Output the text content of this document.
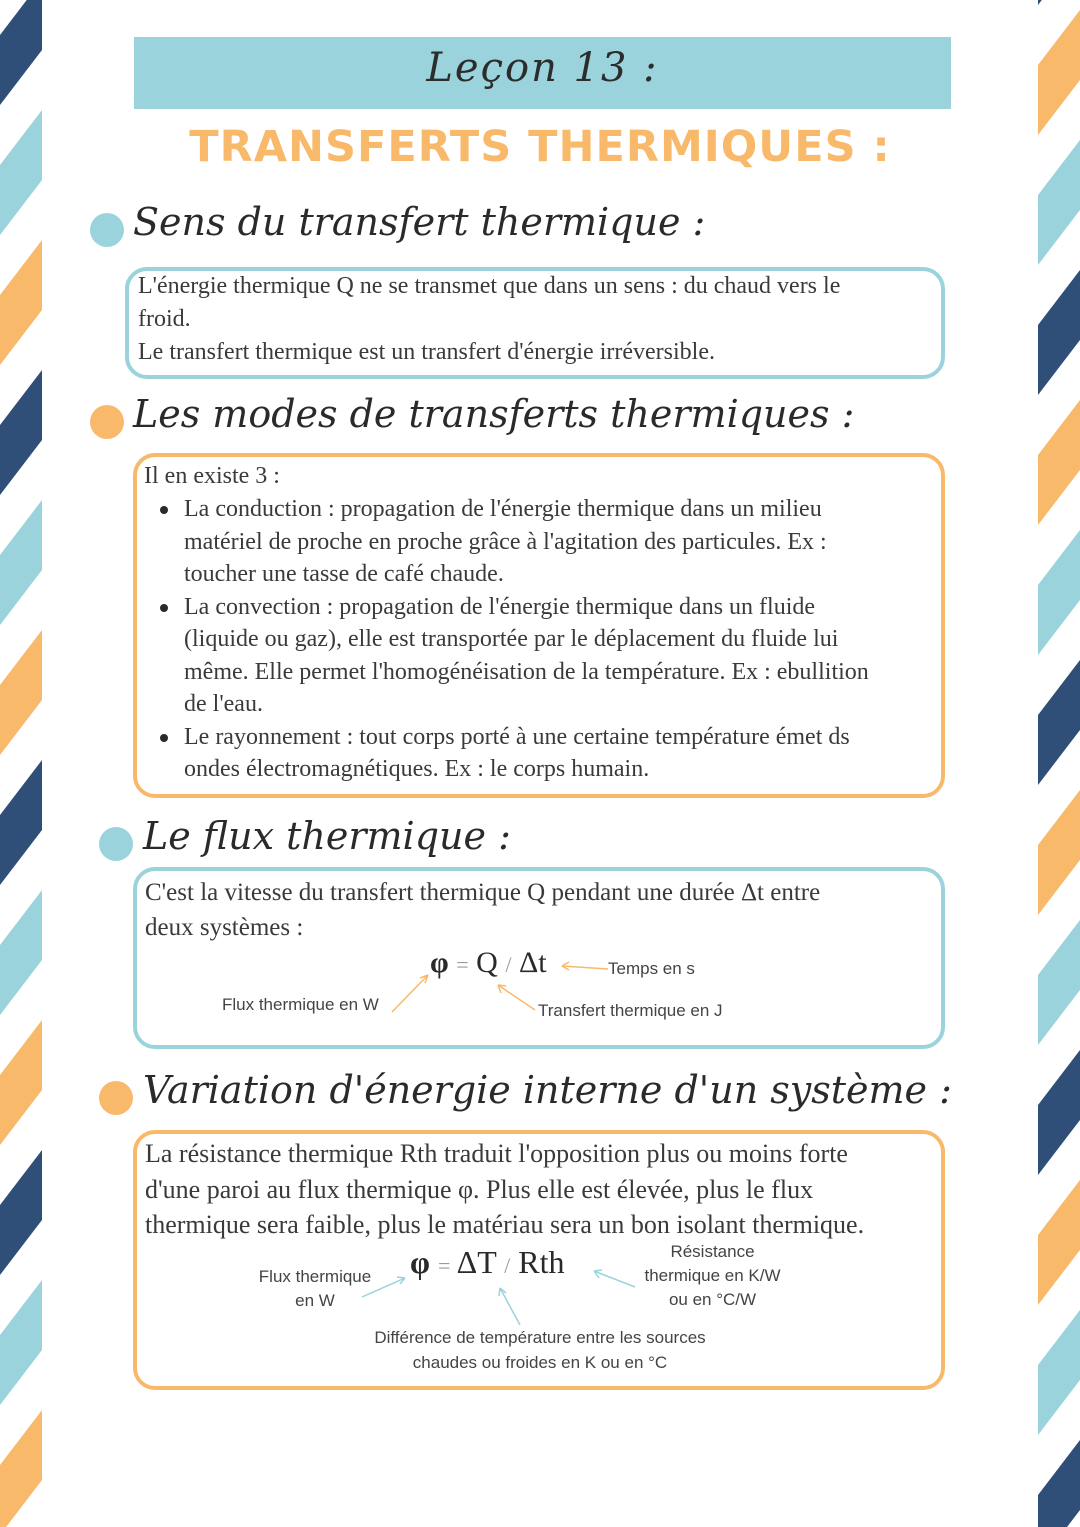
Leçon 13 :
TRANSFERTS THERMIQUES :
Sens du transfert thermique :
L'énergie thermique Q ne se transmet que dans un sens : du chaud vers le
froid.
Le transfert thermique est un transfert d'énergie irréversible.
Les modes de transferts thermiques :
Il en existe 3 :
La conduction : propagation de l'énergie thermique dans un milieu
matériel de proche en proche grâce à l'agitation des particules. Ex :
toucher une tasse de café chaude.
La convection : propagation de l'énergie thermique dans un fluide
(liquide ou gaz), elle est transportée par le déplacement du fluide lui
même. Elle permet l'homogénéisation de la température. Ex : ebullition
de l'eau.
Le rayonnement : tout corps porté à une certaine température émet ds
ondes électromagnétiques. Ex : le corps humain.
Le flux thermique :
C'est la vitesse du transfert thermique Q pendant une durée Δt entre
deux systèmes :
φ = Q / Δt	Temps en s
Flux thermique en W	Transfert thermique en J
Variation d'énergie interne d'un système :
La résistance thermique Rth traduit l'opposition plus ou moins forte
d'une paroi au flux thermique φ. Plus elle est élevée, plus le flux
thermique sera faible, plus le matériau sera un bon isolant thermique.
φ = ΔT / Rth
Flux thermique
en W
Résistance
thermique en K/W
ou en °C/W
Différence de température entre les sources
chaudes ou froides en K ou en °C
